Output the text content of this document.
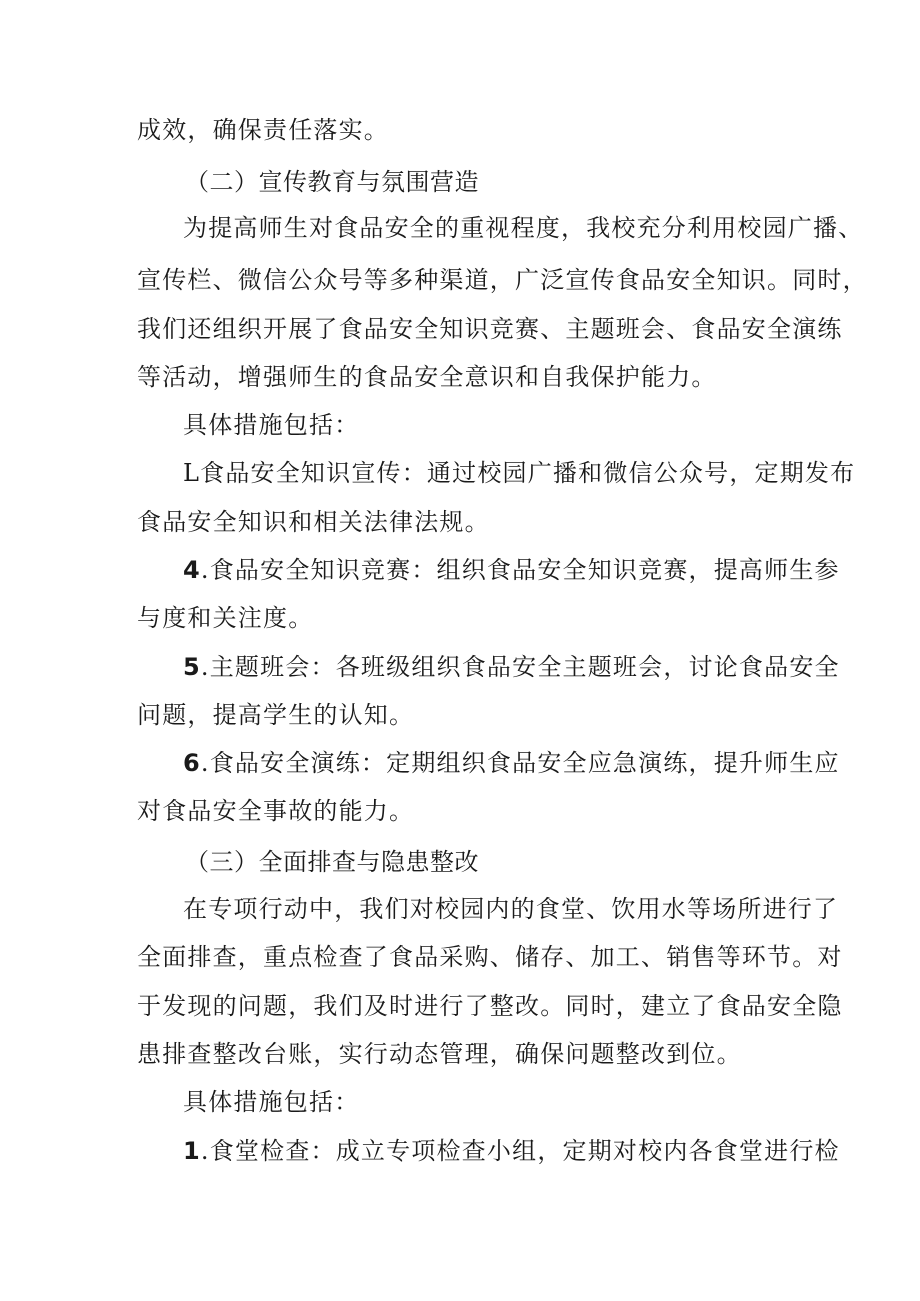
成效，确保责任落实。
（二）宣传教育与氛围营造
为提高师生对食品安全的重视程度，我校充分利用校园广播、
宣传栏、微信公众号等多种渠道，广泛宣传食品安全知识。同时，
我们还组织开展了食品安全知识竞赛、主题班会、食品安全演练
等活动，增强师生的食品安全意识和自我保护能力。
具体措施包括：
L食品安全知识宣传：通过校园广播和微信公众号，定期发布
食品安全知识和相关法律法规。
4.食品安全知识竞赛：组织食品安全知识竞赛，提高师生参
与度和关注度。
5.主题班会：各班级组织食品安全主题班会，讨论食品安全
问题，提高学生的认知。
6.食品安全演练：定期组织食品安全应急演练，提升师生应
对食品安全事故的能力。
（三）全面排查与隐患整改
在专项行动中，我们对校园内的食堂、饮用水等场所进行了
全面排查，重点检查了食品采购、储存、加工、销售等环节。对
于发现的问题，我们及时进行了整改。同时，建立了食品安全隐
患排查整改台账，实行动态管理，确保问题整改到位。
具体措施包括：
1.食堂检查：成立专项检查小组，定期对校内各食堂进行检
